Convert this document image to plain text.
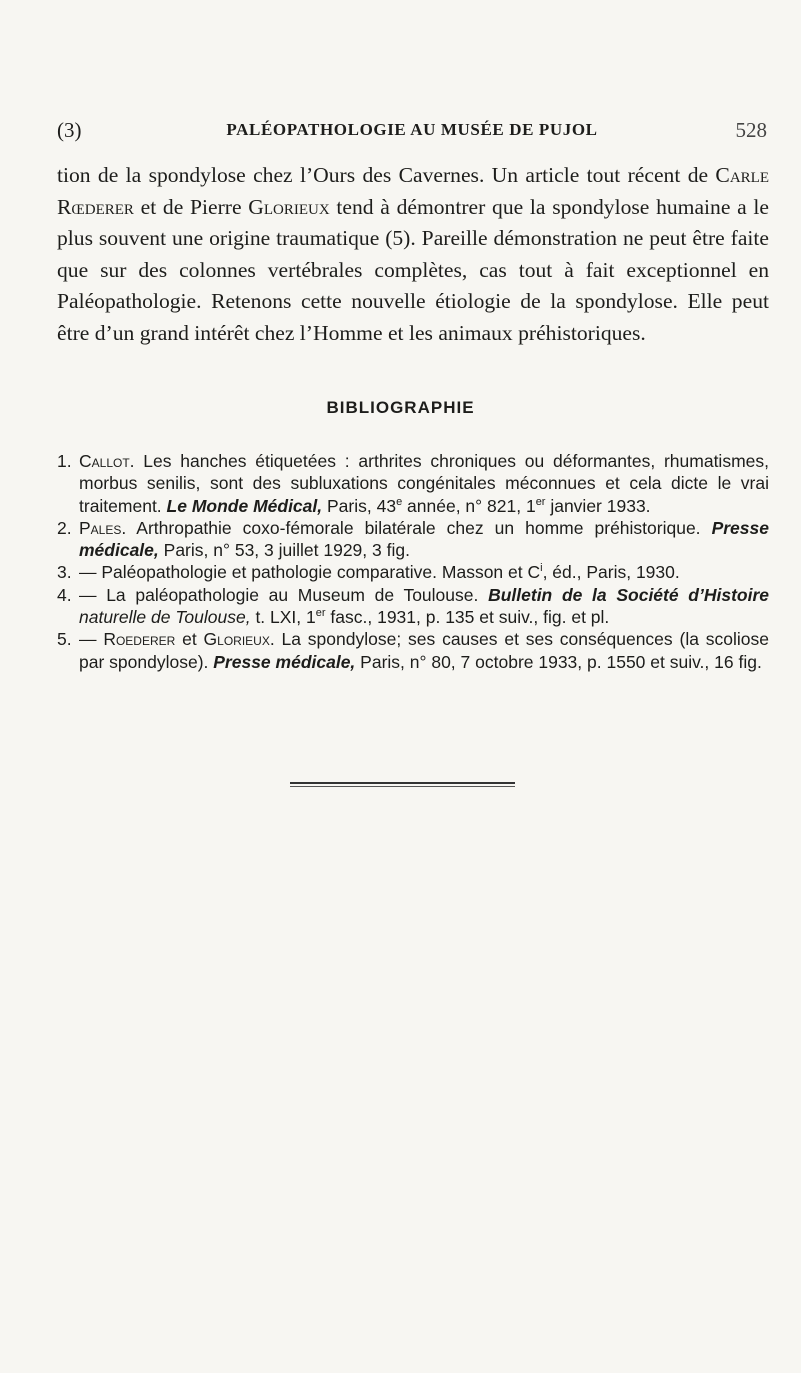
(3)	PALÉOPATHOLOGIE AU MUSÉE DE PUJOL	528

tion de la spondylose chez l’Ours des Cavernes. Un article tout récent de Carle Rœderer et de Pierre Glorieux tend à démontrer que la spondylose humaine a le plus souvent une origine traumatique (5). Pareille démonstration ne peut être faite que sur des colonnes vertébrales complètes, cas tout à fait exceptionnel en Paléopathologie. Retenons cette nouvelle étiologie de la spondylose. Elle peut être d’un grand intérêt chez l’Homme et les animaux préhistoriques.

BIBLIOGRAPHIE
1. Callot. Les hanches étiquetées : arthrites chroniques ou déformantes, rhumatismes, morbus senilis, sont des subluxations congénitales méconnues et cela dicte le vrai traitement. Le Monde Médical, Paris, 43e année, n° 821, 1er janvier 1933.
2. Pales. Arthropathie coxo-fémorale bilatérale chez un homme préhistorique. Presse médicale, Paris, n° 53, 3 juillet 1929, 3 fig.
3. — Paléopathologie et pathologie comparative. Masson et $C^i$, éd., Paris, 1930.
4. — La paléopathologie au Museum de Toulouse. Bulletin de la Société d’Histoire naturelle de Toulouse, t. LXI, 1er fasc., 1931, p. 135 et suiv., fig. et pl.
5. — Roederer et Glorieux. La spondylose; ses causes et ses conséquences (la scoliose par spondylose). Presse médicale, Paris, n° 80, 7 octobre 1933, p. 1550 et suiv., 16 fig.
